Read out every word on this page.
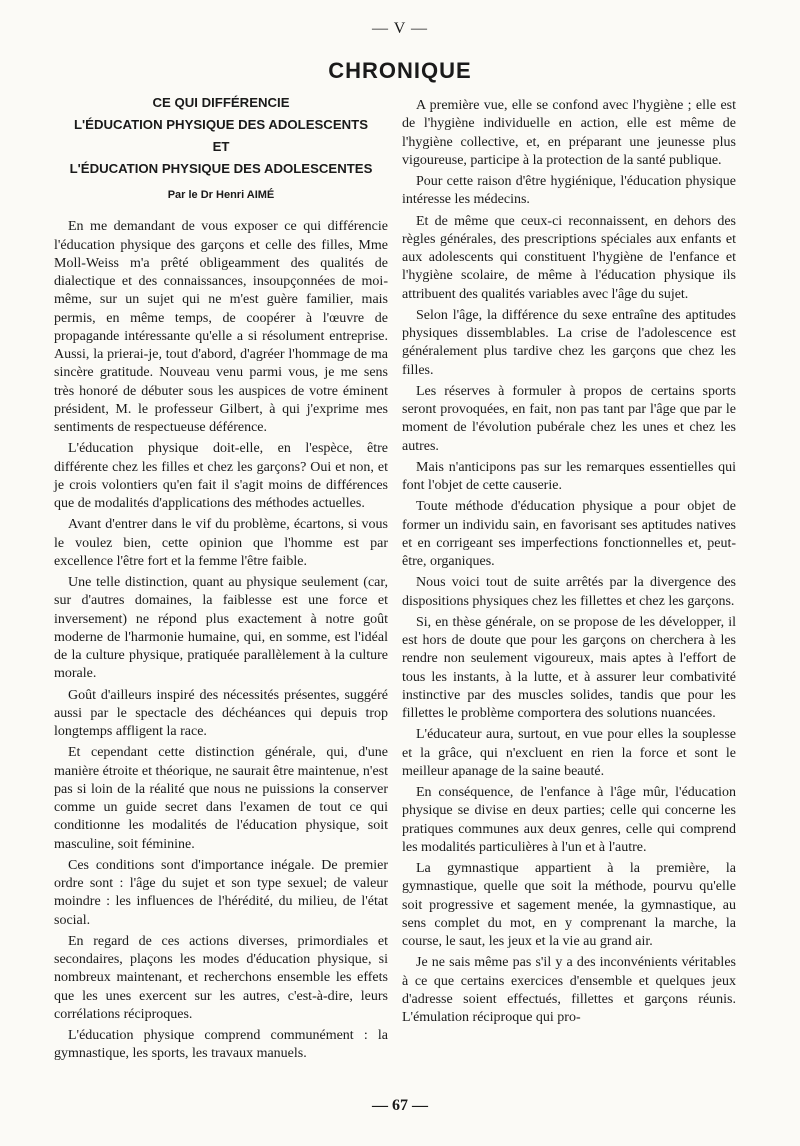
— V —
CHRONIQUE
CE QUI DIFFÉRENCIE
L'ÉDUCATION PHYSIQUE DES ADOLESCENTS
ET
L'ÉDUCATION PHYSIQUE DES ADOLESCENTES
Par le Dr Henri AIMÉ

En me demandant de vous exposer ce qui différencie l'éducation physique des garçons et celle des filles, Mme Moll-Weiss m'a prêté obligeamment des qualités de dialectique et des connaissances, insoupçonnées de moi-même, sur un sujet qui ne m'est guère familier, mais permis, en même temps, de coopérer à l'œuvre de propagande intéressante qu'elle a si résolument entreprise. Aussi, la prierai-je, tout d'abord, d'agréer l'hommage de ma sincère gratitude. Nouveau venu parmi vous, je me sens très honoré de débuter sous les auspices de votre éminent président, M. le professeur Gilbert, à qui j'exprime mes sentiments de respectueuse déférence.

L'éducation physique doit-elle, en l'espèce, être différente chez les filles et chez les garçons? Oui et non, et je crois volontiers qu'en fait il s'agit moins de différences que de modalités d'applications des méthodes actuelles.

Avant d'entrer dans le vif du problème, écartons, si vous le voulez bien, cette opinion que l'homme est par excellence l'être fort et la femme l'être faible.

Une telle distinction, quant au physique seulement (car, sur d'autres domaines, la faiblesse est une force et inversement) ne répond plus exactement à notre goût moderne de l'harmonie humaine, qui, en somme, est l'idéal de la culture physique, pratiquée parallèlement à la culture morale.

Goût d'ailleurs inspiré des nécessités présentes, suggéré aussi par le spectacle des déchéances qui depuis trop longtemps affligent la race.

Et cependant cette distinction générale, qui, d'une manière étroite et théorique, ne saurait être maintenue, n'est pas si loin de la réalité que nous ne puissions la conserver comme un guide secret dans l'examen de tout ce qui conditionne les modalités de l'éducation physique, soit masculine, soit féminine.

Ces conditions sont d'importance inégale. De premier ordre sont : l'âge du sujet et son type sexuel; de valeur moindre : les influences de l'hérédité, du milieu, de l'état social.

En regard de ces actions diverses, primordiales et secondaires, plaçons les modes d'éducation physique, si nombreux maintenant, et recherchons ensemble les effets que les unes exercent sur les autres, c'est-à-dire, leurs corrélations réciproques.

L'éducation physique comprend communément : la gymnastique, les sports, les travaux manuels.

A première vue, elle se confond avec l'hygiène ; elle est de l'hygiène individuelle en action, elle est même de l'hygiène collective, et, en préparant une jeunesse plus vigoureuse, participe à la protection de la santé publique.

Pour cette raison d'être hygiénique, l'éducation physique intéresse les médecins.

Et de même que ceux-ci reconnaissent, en dehors des règles générales, des prescriptions spéciales aux enfants et aux adolescents qui constituent l'hygiène de l'enfance et l'hygiène scolaire, de même à l'éducation physique ils attribuent des qualités variables avec l'âge du sujet.

Selon l'âge, la différence du sexe entraîne des aptitudes physiques dissemblables. La crise de l'adolescence est généralement plus tardive chez les garçons que chez les filles.

Les réserves à formuler à propos de certains sports seront provoquées, en fait, non pas tant par l'âge que par le moment de l'évolution pubérale chez les unes et chez les autres.

Mais n'anticipons pas sur les remarques essentielles qui font l'objet de cette causerie.

Toute méthode d'éducation physique a pour objet de former un individu sain, en favorisant ses aptitudes natives et en corrigeant ses imperfections fonctionnelles et, peut-être, organiques.

Nous voici tout de suite arrêtés par la divergence des dispositions physiques chez les fillettes et chez les garçons.

Si, en thèse générale, on se propose de les développer, il est hors de doute que pour les garçons on cherchera à les rendre non seulement vigoureux, mais aptes à l'effort de tous les instants, à la lutte, et à assurer leur combativité instinctive par des muscles solides, tandis que pour les fillettes le problème comportera des solutions nuancées.

L'éducateur aura, surtout, en vue pour elles la souplesse et la grâce, qui n'excluent en rien la force et sont le meilleur apanage de la saine beauté.

En conséquence, de l'enfance à l'âge mûr, l'éducation physique se divise en deux parties; celle qui concerne les pratiques communes aux deux genres, celle qui comprend les modalités particulières à l'un et à l'autre.

La gymnastique appartient à la première, la gymnastique, quelle que soit la méthode, pourvu qu'elle soit progressive et sagement menée, la gymnastique, au sens complet du mot, en y comprenant la marche, la course, le saut, les jeux et la vie au grand air.

Je ne sais même pas s'il y a des inconvénients véritables à ce que certains exercices d'ensemble et quelques jeux d'adresse soient effectués, fillettes et garçons réunis. L'émulation réciproque qui pro-

— 67 —
